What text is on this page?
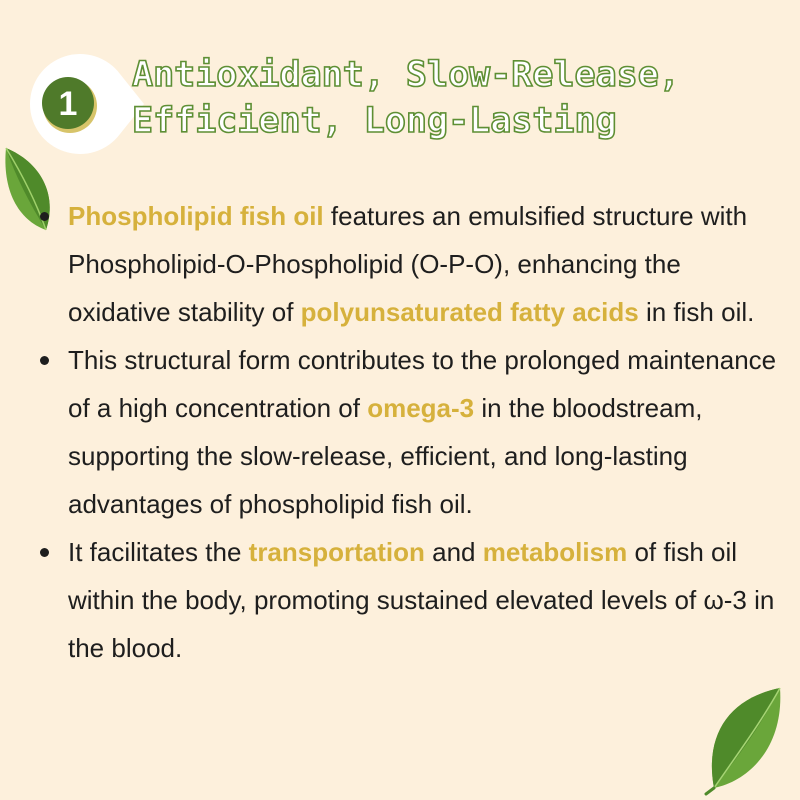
1
Antioxidant, Slow-Release,
Efficient, Long-Lasting
Phospholipid fish oil features an emulsified structure with Phospholipid-O-Phospholipid (O-P-O), enhancing the oxidative stability of polyunsaturated fatty acids in fish oil.
This structural form contributes to the prolonged maintenance of a high concentration of omega-3 in the bloodstream, supporting the slow-release, efficient, and long-lasting advantages of phospholipid fish oil.
It facilitates the transportation and metabolism of fish oil within the body, promoting sustained elevated levels of ω-3 in the blood.
